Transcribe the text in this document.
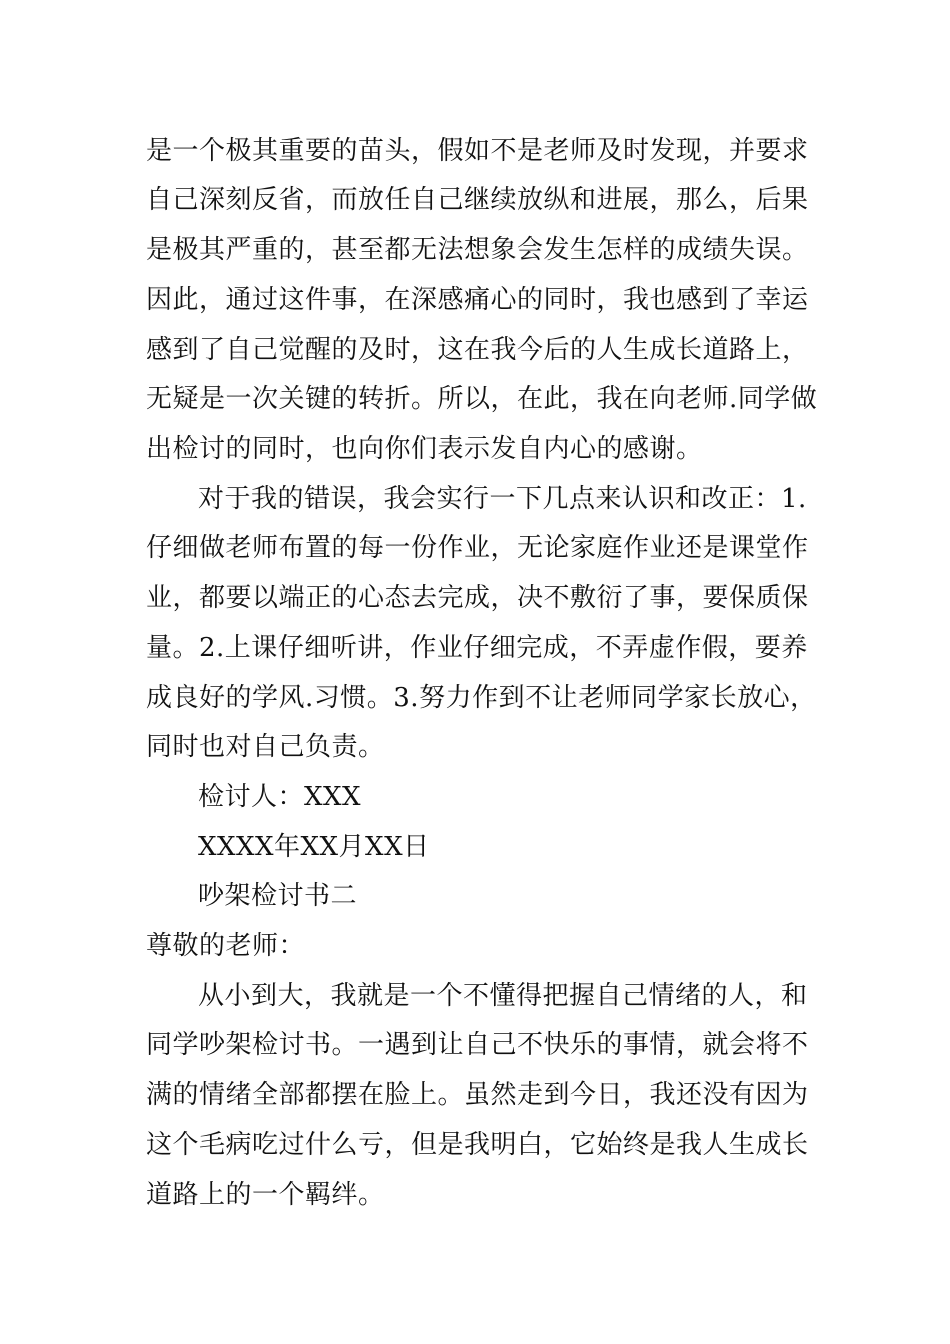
是一个极其重要的苗头，假如不是老师及时发现，并要求
自己深刻反省，而放任自己继续放纵和进展，那么，后果
是极其严重的，甚至都无法想象会发生怎样的成绩失误。
因此，通过这件事，在深感痛心的同时，我也感到了幸运
感到了自己觉醒的及时，这在我今后的人生成长道路上，
无疑是一次关键的转折。所以，在此，我在向老师.同学做
出检讨的同时，也向你们表示发自内心的感谢。
对于我的错误，我会实行一下几点来认识和改正：1.
仔细做老师布置的每一份作业，无论家庭作业还是课堂作
业，都要以端正的心态去完成，决不敷衍了事，要保质保
量。2.上课仔细听讲，作业仔细完成，不弄虚作假，要养
成良好的学风.习惯。3.努力作到不让老师同学家长放心，
同时也对自己负责。
检讨人：XXX
XXXX年XX月XX日
吵架检讨书二
尊敬的老师：
从小到大，我就是一个不懂得把握自己情绪的人，和
同学吵架检讨书。一遇到让自己不快乐的事情，就会将不
满的情绪全部都摆在脸上。虽然走到今日，我还没有因为
这个毛病吃过什么亏，但是我明白，它始终是我人生成长
道路上的一个羁绊。
